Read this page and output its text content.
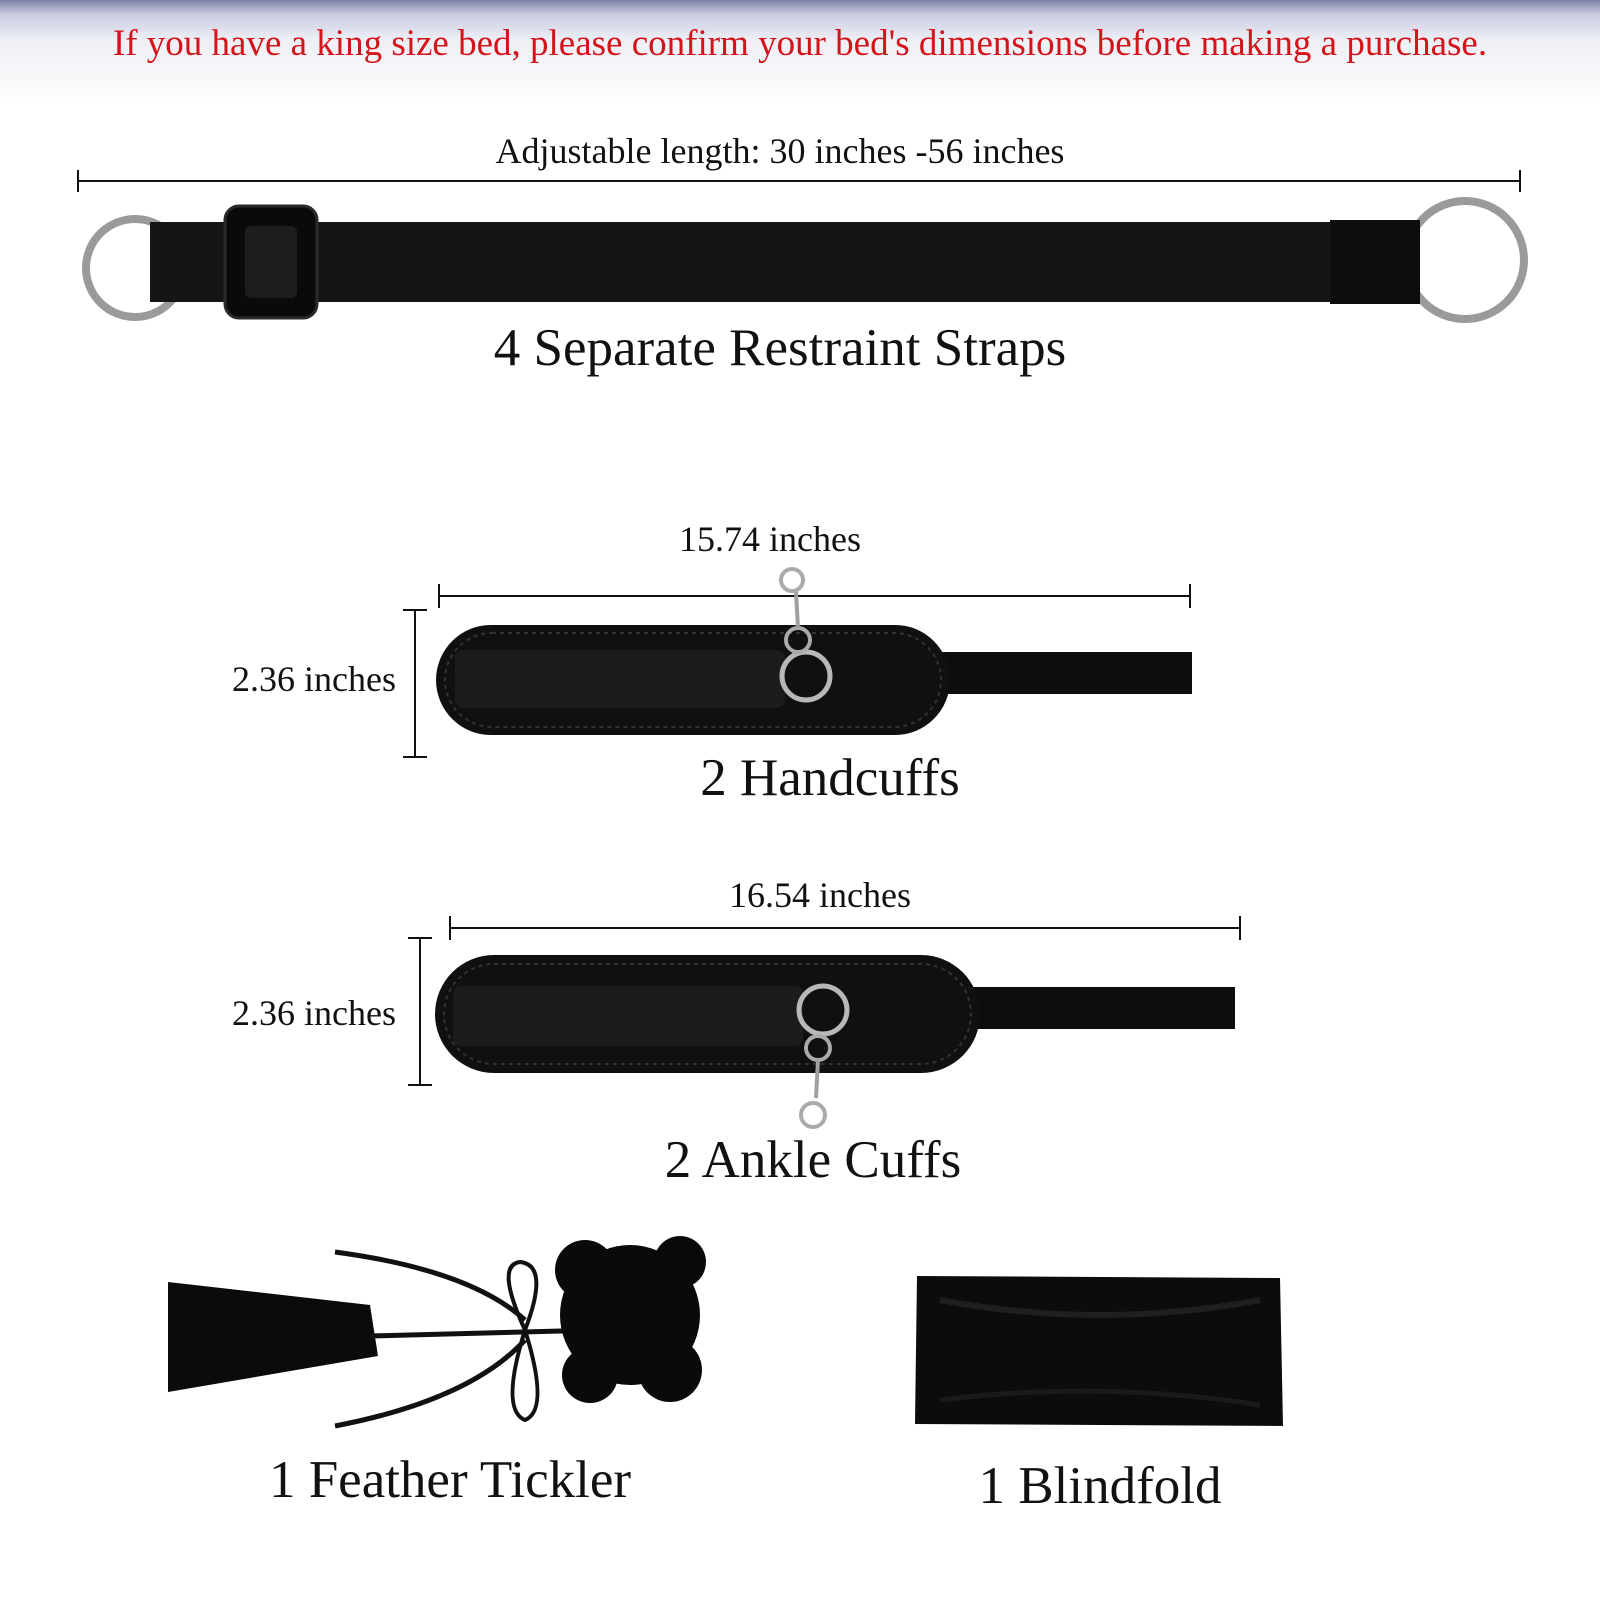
If you have a king size bed, please confirm your bed's dimensions before making a purchase.
Adjustable length: 30 inches -56 inches
4 Separate Restraint Straps
15.74 inches
2.36 inches
2 Handcuffs
16.54 inches
2.36 inches
2 Ankle Cuffs
1 Feather Tickler	1 Blindfold
